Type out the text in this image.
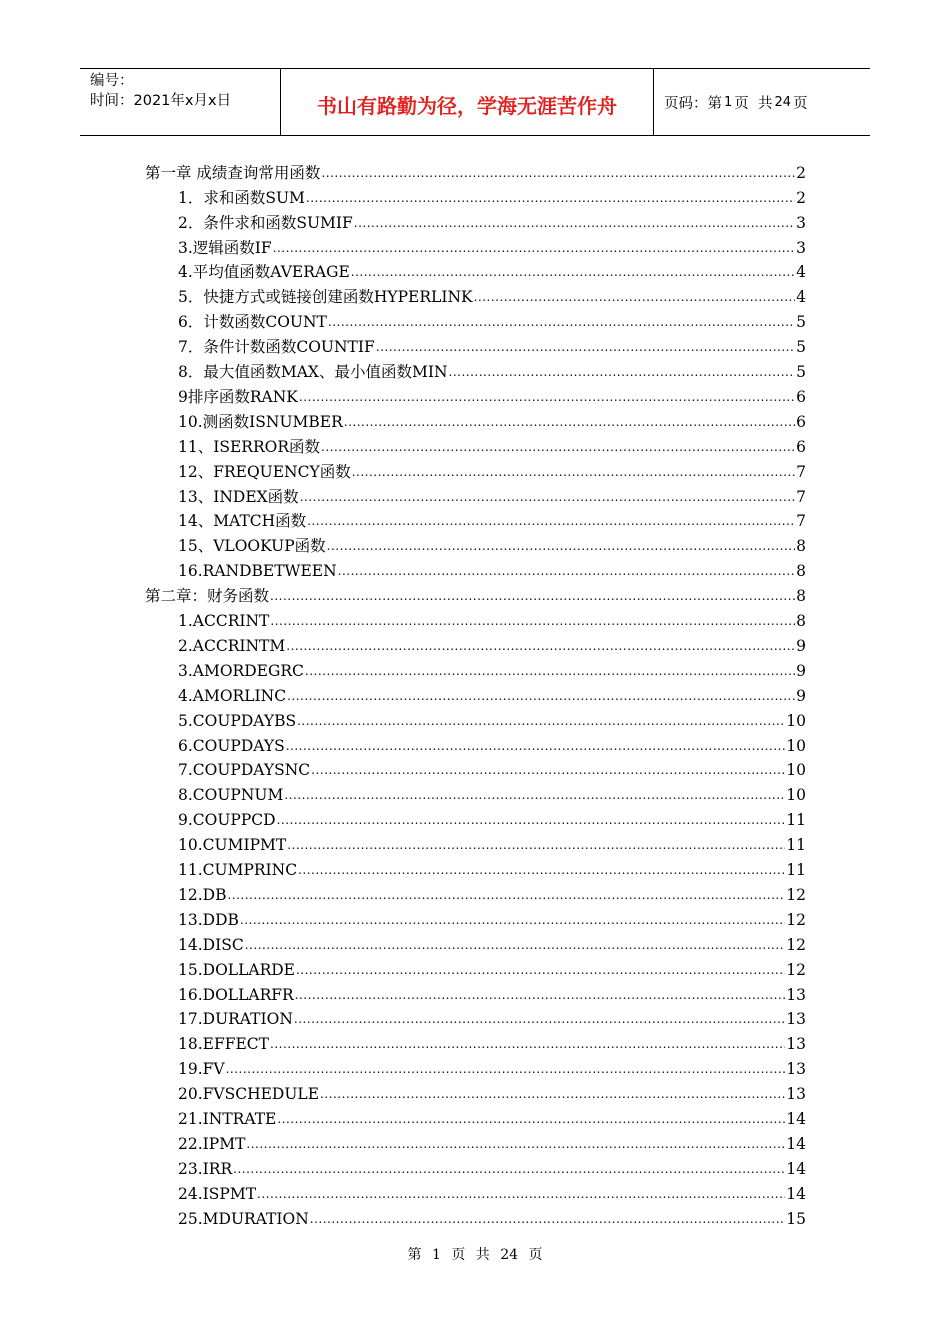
编号：
时间：2021年x月x日	书山有路勤为径，学海无涯苦作舟	页码：第 1 页  共 24 页
第一章 成绩查询常用函数 .....	2
1．求和函数SUM .....	2
2．条件求和函数SUMIF .....	3
3.逻辑函数IF .....	3
4.平均值函数AVERAGE .....	4
5．快捷方式或链接创建函数HYPERLINK .....	4
6．计数函数COUNT .....	5
7．条件计数函数COUNTIF .....	5
8．最大值函数MAX、最小值函数MIN .....	5
9排序函数RANK .....	6
10.测函数ISNUMBER .....	6
11、ISERROR函数 .....	6
12、FREQUENCY函数 .....	7
13、INDEX函数 .....	7
14、MATCH函数 .....	7
15、VLOOKUP函数 .....	8
16.RANDBETWEEN .....	8
第二章：财务函数 .....	8
1.ACCRINT .....	8
2.ACCRINTM .....	9
3.AMORDEGRC .....	9
4.AMORLINC .....	9
5.COUPDAYBS .....	10
6.COUPDAYS .....	10
7.COUPDAYSNC .....	10
8.COUPNUM .....	10
9.COUPPCD .....	11
10.CUMIPMT .....	11
11.CUMPRINC .....	11
12.DB .....	12
13.DDB .....	12
14.DISC .....	12
15.DOLLARDE .....	12
16.DOLLARFR .....	13
17.DURATION .....	13
18.EFFECT .....	13
19.FV .....	13
20.FVSCHEDULE .....	13
21.INTRATE .....	14
22.IPMT .....	14
23.IRR .....	14
24.ISPMT .....	14
25.MDURATION .....	15
第 1 页 共 24 页
